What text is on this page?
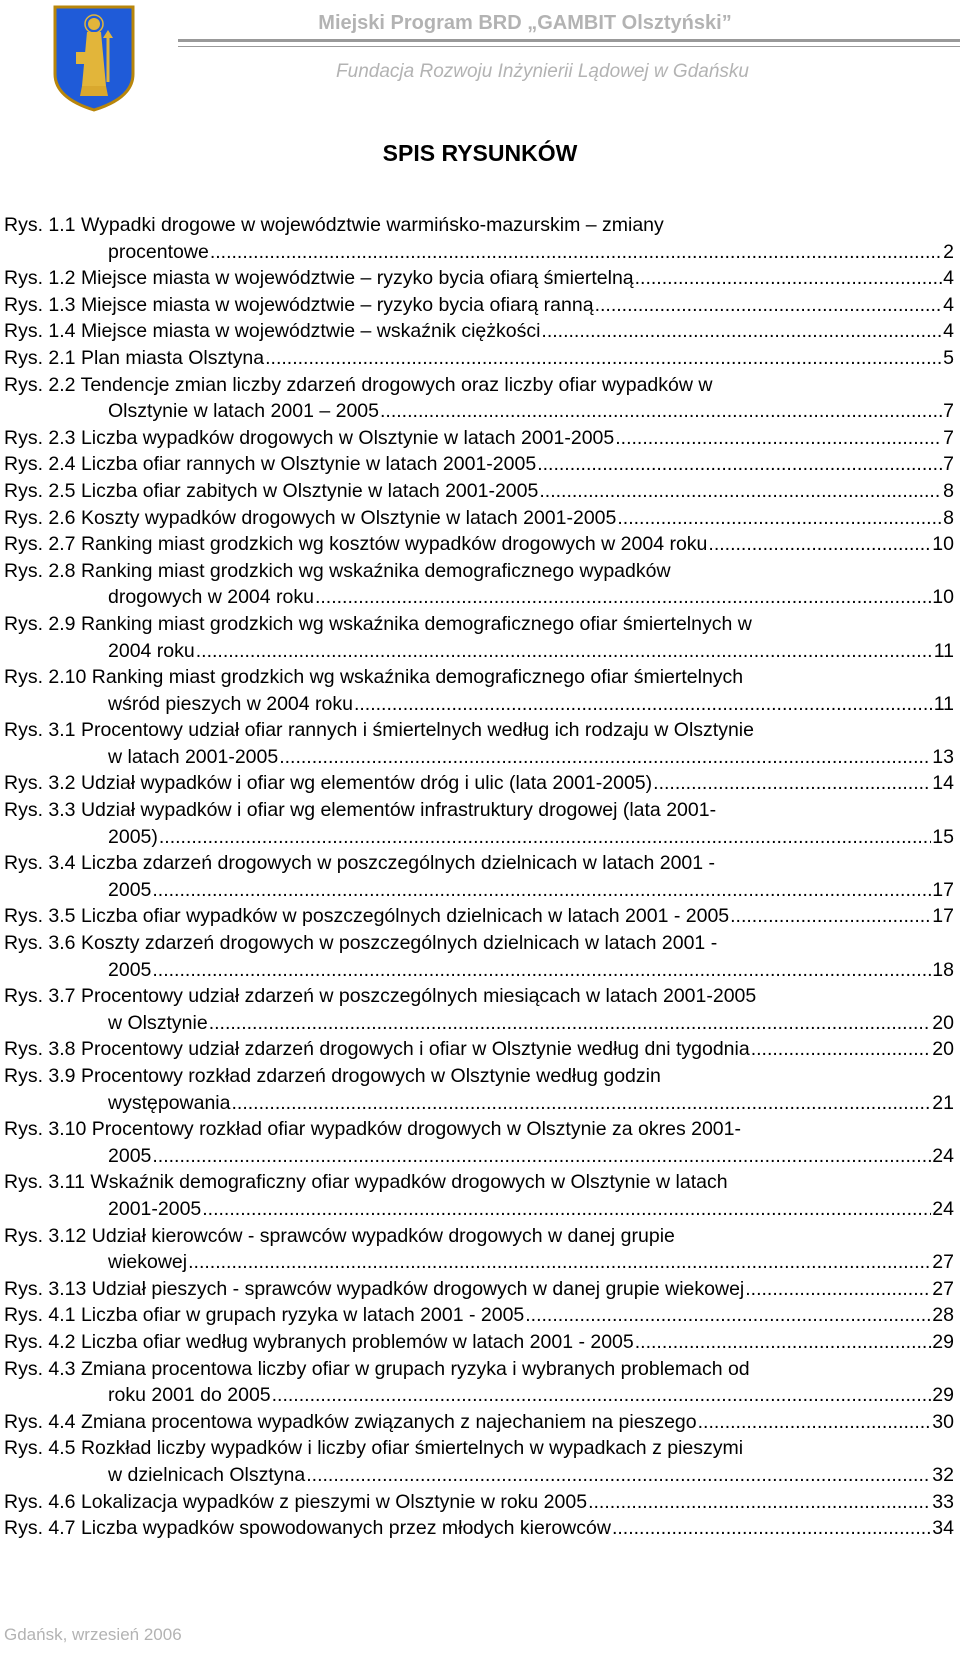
Miejski Program BRD „GAMBIT Olsztyński”
Fundacja Rozwoju Inżynierii Lądowej w Gdańsku
SPIS RYSUNKÓW
Rys. 1.1 Wypadki drogowe w województwie warmińsko-mazurskim – zmiany
procentowe .....	2
Rys. 1.2 Miejsce miasta w województwie – ryzyko bycia ofiarą śmiertelną .....	4
Rys. 1.3 Miejsce miasta w województwie – ryzyko bycia ofiarą ranną .....	4
Rys. 1.4 Miejsce miasta w województwie – wskaźnik ciężkości .....	4
Rys. 2.1 Plan miasta Olsztyna .....	5
Rys. 2.2 Tendencje zmian liczby zdarzeń drogowych oraz liczby ofiar wypadków w
Olsztynie w latach 2001 – 2005 .....	7
Rys. 2.3 Liczba wypadków drogowych w Olsztynie w latach 2001-2005 .....	7
Rys. 2.4 Liczba ofiar rannych w Olsztynie w latach 2001-2005 .....	7
Rys. 2.5 Liczba ofiar zabitych w Olsztynie w latach 2001-2005 .....	8
Rys. 2.6 Koszty wypadków drogowych w Olsztynie w latach 2001-2005 .....	8
Rys. 2.7 Ranking miast grodzkich wg kosztów wypadków drogowych w 2004 roku .....	10
Rys. 2.8 Ranking miast grodzkich wg wskaźnika demograficznego wypadków
drogowych w 2004 roku .....	10
Rys. 2.9 Ranking miast grodzkich wg wskaźnika demograficznego ofiar śmiertelnych w
2004 roku .....	11
Rys. 2.10 Ranking miast grodzkich wg wskaźnika demograficznego ofiar śmiertelnych
wśród pieszych w 2004 roku .....	11
Rys. 3.1 Procentowy udział ofiar rannych i śmiertelnych według ich rodzaju w Olsztynie
w latach 2001-2005 .....	13
Rys. 3.2 Udział wypadków i ofiar wg elementów dróg i ulic (lata 2001-2005) .....	14
Rys. 3.3 Udział wypadków i ofiar wg elementów infrastruktury drogowej (lata 2001-
2005) .....	15
Rys. 3.4 Liczba zdarzeń drogowych w poszczególnych dzielnicach w latach 2001 -
2005 .....	17
Rys. 3.5 Liczba ofiar wypadków w poszczególnych dzielnicach w latach 2001 - 2005 .....	17
Rys. 3.6 Koszty zdarzeń drogowych w poszczególnych dzielnicach w latach 2001 -
2005 .....	18
Rys. 3.7 Procentowy udział zdarzeń w poszczególnych miesiącach w latach 2001-2005
w Olsztynie .....	20
Rys. 3.8 Procentowy udział zdarzeń drogowych i ofiar w Olsztynie według dni tygodnia .....	20
Rys. 3.9 Procentowy rozkład zdarzeń drogowych w Olsztynie według godzin
występowania .....	21
Rys. 3.10 Procentowy rozkład ofiar wypadków drogowych w Olsztynie za okres 2001-
2005 .....	24
Rys. 3.11 Wskaźnik demograficzny ofiar wypadków drogowych w Olsztynie w latach
2001-2005 .....	24
Rys. 3.12 Udział kierowców - sprawców wypadków drogowych w danej grupie
wiekowej .....	27
Rys. 3.13 Udział pieszych - sprawców wypadków drogowych w danej grupie wiekowej .....	27
Rys. 4.1 Liczba ofiar w grupach ryzyka w latach 2001 - 2005 .....	28
Rys. 4.2 Liczba ofiar według wybranych problemów w latach 2001 - 2005 .....	29
Rys. 4.3 Zmiana procentowa liczby ofiar w grupach ryzyka i wybranych problemach od
roku 2001 do 2005 .....	29
Rys. 4.4 Zmiana procentowa wypadków związanych z najechaniem na pieszego .....	30
Rys. 4.5 Rozkład liczby wypadków i liczby ofiar śmiertelnych w wypadkach z pieszymi
w dzielnicach Olsztyna .....	32
Rys. 4.6 Lokalizacja wypadków z pieszymi w Olsztynie w roku 2005 .....	33
Rys. 4.7 Liczba wypadków spowodowanych przez młodych kierowców .....	34
Gdańsk, wrzesień 2006
